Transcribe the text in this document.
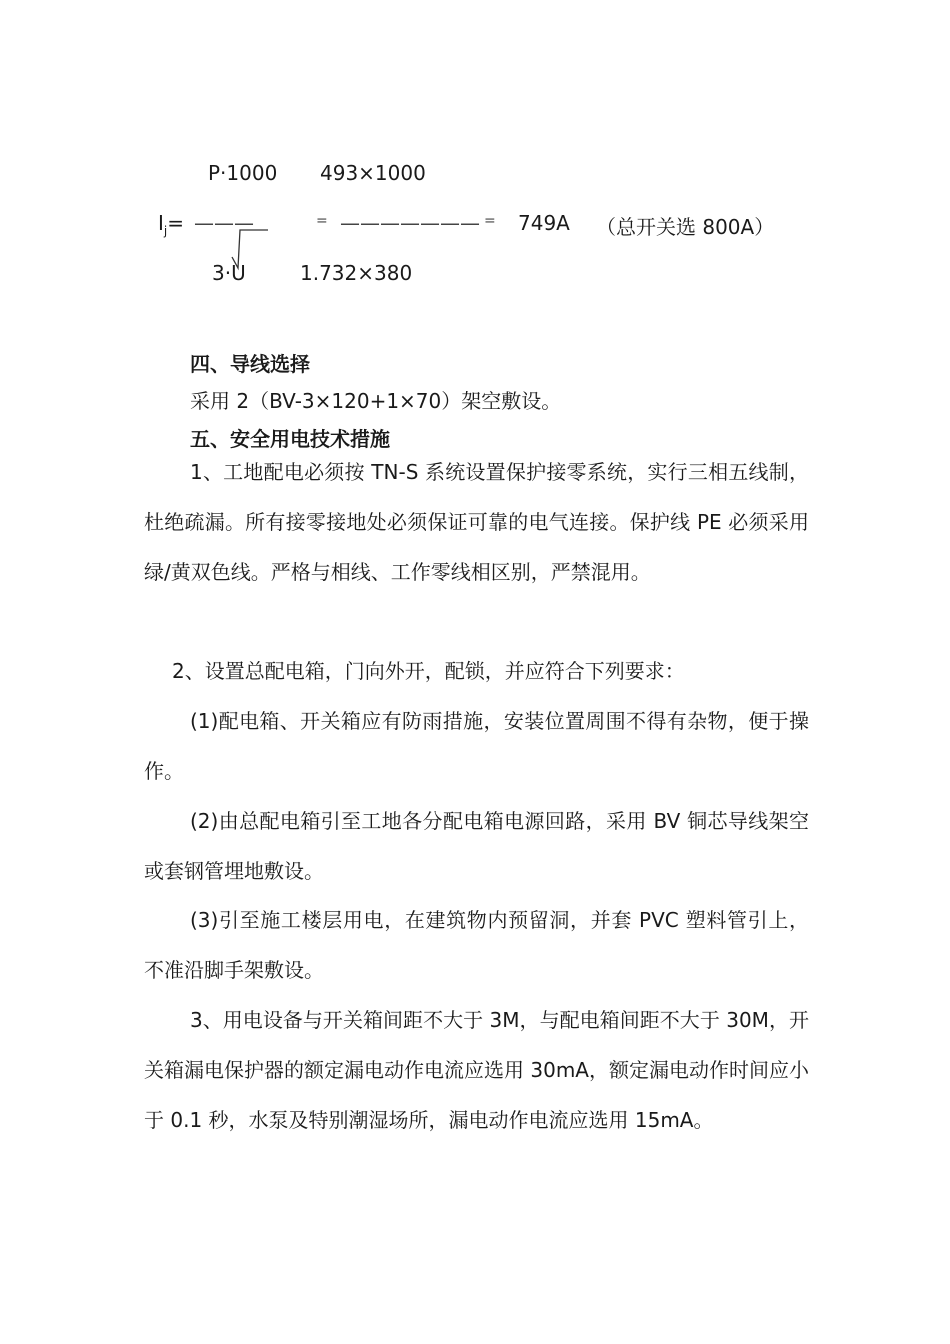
P·1000 493×1000
$I_j=$ ———	= ——————— = 749A （总开关选 800A）
3·U	1.732×380
四、导线选择
采用 2（BV-3×120+1×70）架空敷设。
五、安全用电技术措施
1、工地配电必须按 TN-S 系统设置保护接零系统，实行三相五线制，杜绝疏漏。所有接零接地处必须保证可靠的电气连接。保护线 PE 必须采用绿/黄双色线。严格与相线、工作零线相区别，严禁混用。
2、设置总配电箱，门向外开，配锁，并应符合下列要求：
(1)配电箱、开关箱应有防雨措施，安装位置周围不得有杂物，便于操作。
(2)由总配电箱引至工地各分配电箱电源回路，采用 BV 铜芯导线架空或套钢管埋地敷设。
(3)引至施工楼层用电，在建筑物内预留洞，并套 PVC 塑料管引上，不准沿脚手架敷设。
3、用电设备与开关箱间距不大于 3M，与配电箱间距不大于 30M，开关箱漏电保护器的额定漏电动作电流应选用 30mA，额定漏电动作时间应小于 0.1 秒，水泵及特别潮湿场所，漏电动作电流应选用 15mA。
